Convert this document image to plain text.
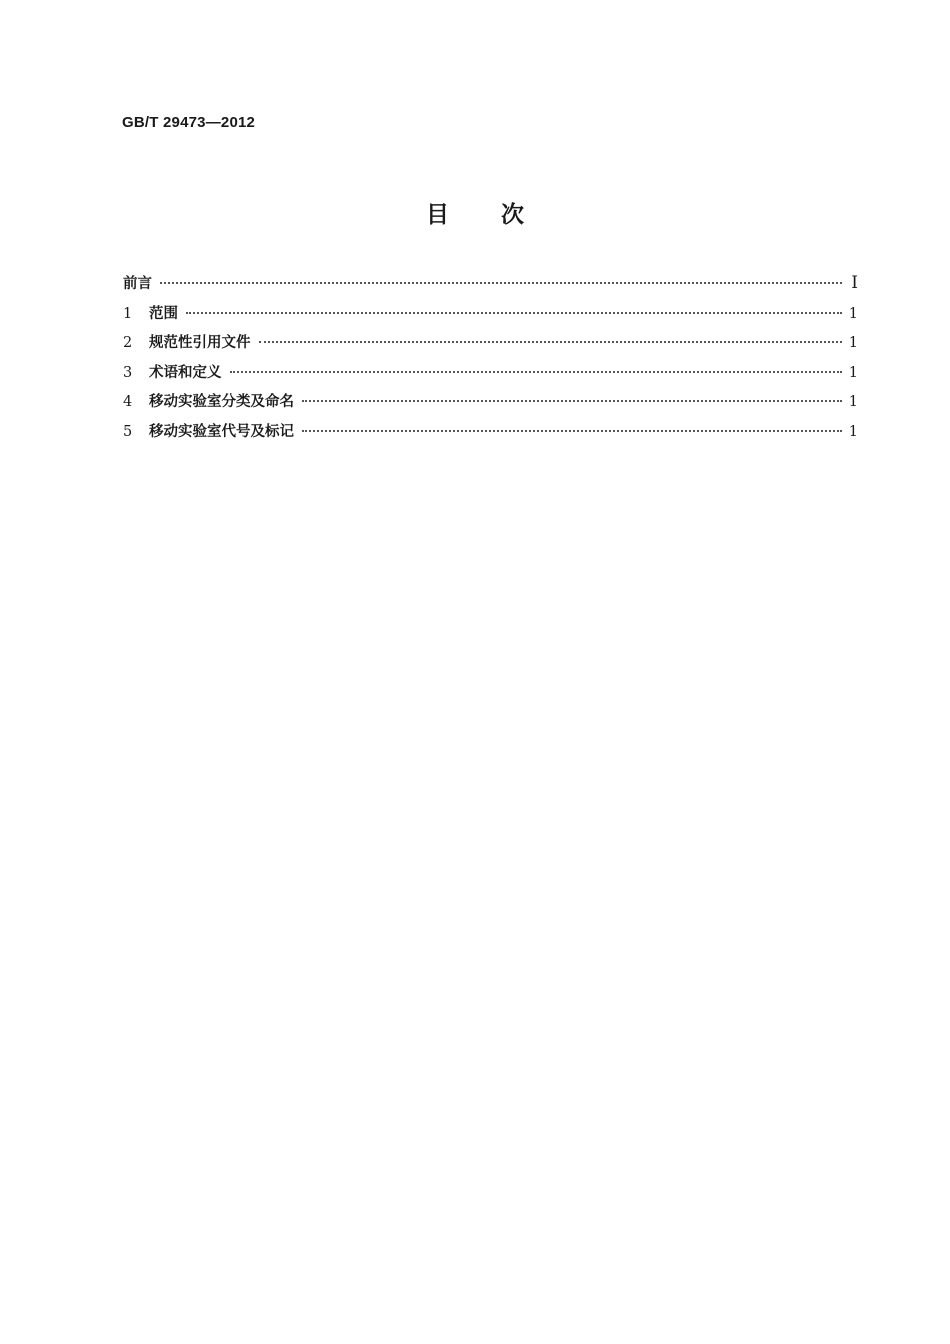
GB/T 29473—2012
目 次
前言	Ⅰ
1	范围	1
2	规范性引用文件	1
3	术语和定义	1
4	移动实验室分类及命名	1
5	移动实验室代号及标记	1
